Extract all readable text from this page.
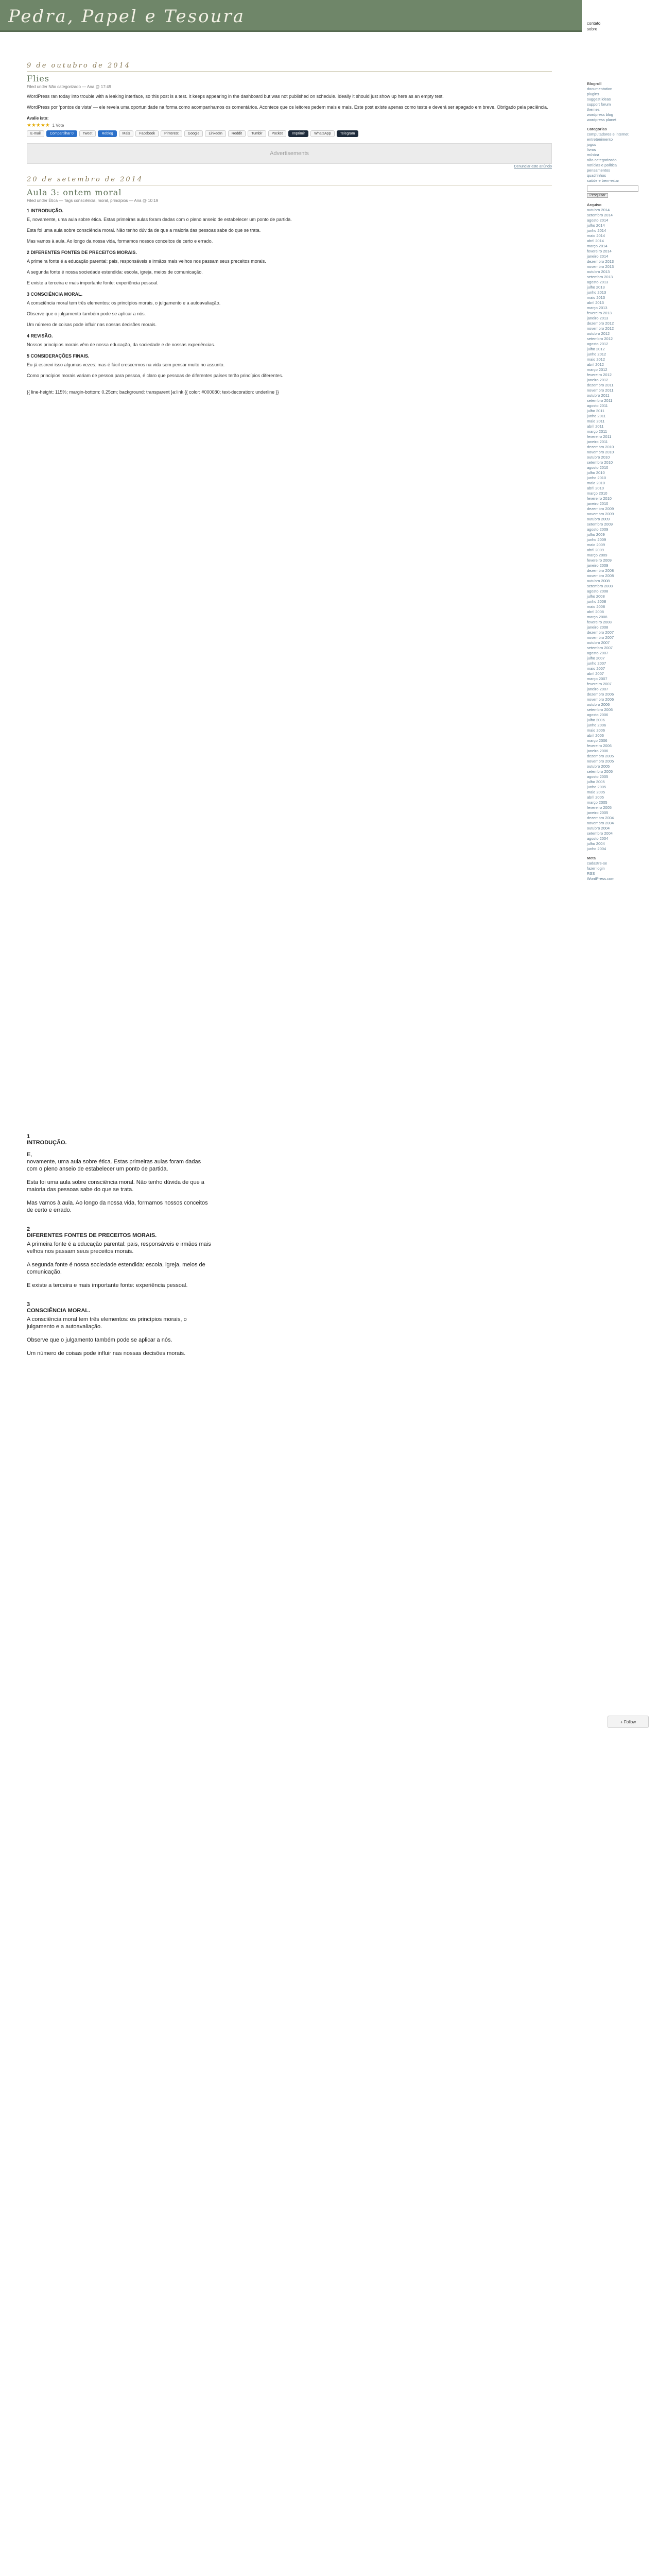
Pedra, Papel e Tesoura	contato
sobre
9 de outubro de 2014
Flies
Filed under Não categorizado — Ana @ 17:49

WordPress ran today into trouble with a leaking interface, so this post is a test. It keeps appearing in the dashboard but was not published on schedule. Ideally it should just show up here as an empty test.

WordPress por ‘pontos de vista’ — ele revela uma oportunidade na forma como acompanhamos os comentários. Acontece que os leitores pedem mais e mais. Este post existe apenas como teste e deverá ser apagado em breve. Obrigado pela paciência.

Avalie isto:
★★★★★ 1 Vote
E-mail	Compartilhar 0	Tweet	Reblog	Mais	Facebook	Pinterest	Google	LinkedIn	Reddit	Tumblr	Pocket	Imprimir	WhatsApp	Telegram
Advertisements
Denunciar este anúncio
20 de setembro de 2014
Aula 3: ontem moral
Filed under Ética — Tags consciência, moral, princípios — Ana @ 10:19
1 INTRODUÇÃO.

E, novamente, uma aula sobre ética. Estas primeiras aulas foram dadas com o pleno anseio de estabelecer um ponto de partida.

Esta foi uma aula sobre consciência moral. Não tenho dúvida de que a maioria das pessoas sabe do que se trata.

Mas vamos à aula. Ao longo da nossa vida, formamos nossos conceitos de certo e errado.

2 DIFERENTES FONTES DE PRECEITOS MORAIS.

A primeira fonte é a educação parental: pais, responsáveis e irmãos mais velhos nos passam seus preceitos morais.

A segunda fonte é nossa sociedade estendida: escola, igreja, meios de comunicação.

E existe a terceira e mais importante fonte: experiência pessoal.

3 CONSCIÊNCIA MORAL.

A consciência moral tem três elementos: os princípios morais, o julgamento e a autoavaliação.

Observe que o julgamento também pode se aplicar a nós.

Um número de coisas pode influir nas nossas decisões morais.

4 REVISÃO.

Nossos princípios morais vêm de nossa educação, da sociedade e de nossas experiências.

5 CONSIDERAÇÕES FINAIS.

Eu já escrevi isso algumas vezes: mas é fácil crescermos na vida sem pensar muito no assunto.

Como princípios morais variam de pessoa para pessoa, é claro que pessoas de diferentes países terão princípios diferentes.

{{ line-height: 115%; margin-bottom: 0.25cm; background: transparent }a:link {{ color: #000080; text-decoration: underline }}
1
INTRODUÇÃO.

E,
novamente, uma aula sobre ética. Estas primeiras aulas foram dadas com o pleno anseio de estabelecer um ponto de partida.

Esta foi uma aula sobre consciência moral. Não tenho dúvida de que a maioria das pessoas sabe do que se trata.

Mas vamos à aula. Ao longo da nossa vida, formamos nossos conceitos de certo e errado.

2
DIFERENTES FONTES DE PRECEITOS MORAIS.

A primeira fonte é a educação parental: pais, responsáveis e irmãos mais velhos nos passam seus preceitos morais.

A segunda fonte é nossa sociedade estendida: escola, igreja, meios de comunicação.

E existe a terceira e mais importante fonte: experiência pessoal.

3
CONSCIÊNCIA MORAL.

A consciência moral tem três elementos: os princípios morais, o julgamento e a autoavaliação.

Observe que o julgamento também pode se aplicar a nós.

Um número de coisas pode influir nas nossas decisões morais.

Blogroll
documentation
plugins
suggest ideas
support forum
themes
wordpress blog
wordpress planet
Categorias
computadores e internet
entretenimento
jogos
livros
música
não categorizado
notícias e política
pensamentos
quadrinhos
saúde e bem-estar
Pesquisar
Arquivo
outubro 2014
setembro 2014
agosto 2014
julho 2014
junho 2014
maio 2014
abril 2014
março 2014
fevereiro 2014
janeiro 2014
dezembro 2013
novembro 2013
outubro 2013
setembro 2013
agosto 2013
julho 2013
junho 2013
maio 2013
abril 2013
março 2013
fevereiro 2013
janeiro 2013
dezembro 2012
novembro 2012
outubro 2012
setembro 2012
agosto 2012
julho 2012
junho 2012
maio 2012
abril 2012
março 2012
fevereiro 2012
janeiro 2012
dezembro 2011
novembro 2011
outubro 2011
setembro 2011
agosto 2011
julho 2011
junho 2011
maio 2011
abril 2011
março 2011
fevereiro 2011
janeiro 2011
dezembro 2010
novembro 2010
outubro 2010
setembro 2010
agosto 2010
julho 2010
junho 2010
maio 2010
abril 2010
março 2010
fevereiro 2010
janeiro 2010
dezembro 2009
novembro 2009
outubro 2009
setembro 2009
agosto 2009
julho 2009
junho 2009
maio 2009
abril 2009
março 2009
fevereiro 2009
janeiro 2009
dezembro 2008
novembro 2008
outubro 2008
setembro 2008
agosto 2008
julho 2008
junho 2008
maio 2008
abril 2008
março 2008
fevereiro 2008
janeiro 2008
dezembro 2007
novembro 2007
outubro 2007
setembro 2007
agosto 2007
julho 2007
junho 2007
maio 2007
abril 2007
março 2007
fevereiro 2007
janeiro 2007
dezembro 2006
novembro 2006
outubro 2006
setembro 2006
agosto 2006
julho 2006
junho 2006
maio 2006
abril 2006
março 2006
fevereiro 2006
janeiro 2006
dezembro 2005
novembro 2005
outubro 2005
setembro 2005
agosto 2005
julho 2005
junho 2005
maio 2005
abril 2005
março 2005
fevereiro 2005
janeiro 2005
dezembro 2004
novembro 2004
outubro 2004
setembro 2004
agosto 2004
julho 2004
junho 2004
Meta
cadastre-se
fazer login
RSS
WordPress.com
+ Follow
